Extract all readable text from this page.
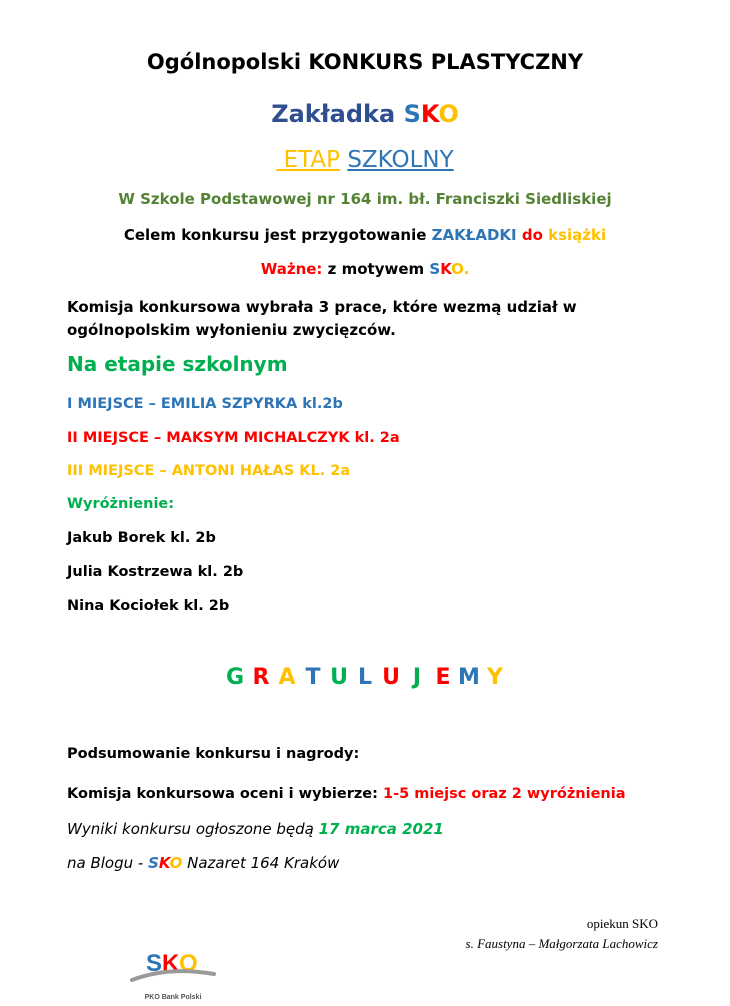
Ogólnopolski KONKURS PLASTYCZNY
Zakładka SKO
ETAP SZKOLNY
W Szkole Podstawowej nr 164 im. bł. Franciszki Siedliskiej
Celem konkursu jest przygotowanie ZAKŁADKI do książki
Ważne: z motywem SKO.
Komisja konkursowa wybrała 3 prace, które wezmą udział w ogólnopolskim wyłonieniu zwycięzców.
Na etapie szkolnym
I MIEJSCE – EMILIA SZPYRKA kl.2b
II MIEJSCE – MAKSYM MICHALCZYK kl. 2a
III MIEJSCE – ANTONI HAŁAS KL. 2a
Wyróżnienie:
Jakub Borek kl. 2b
Julia Kostrzewa kl. 2b
Nina Kociołek kl. 2b
G R A T U L U J E M Y
Podsumowanie konkursu i nagrody:
Komisja konkursowa oceni i wybierze: 1-5 miejsc oraz 2 wyróżnienia
Wyniki konkursu ogłoszone będą 17 marca 2021
na Blogu - SKO Nazaret 164 Kraków
opiekun SKO
s. Faustyna – Małgorzata Lachowicz
S K O
PKO Bank Polski
